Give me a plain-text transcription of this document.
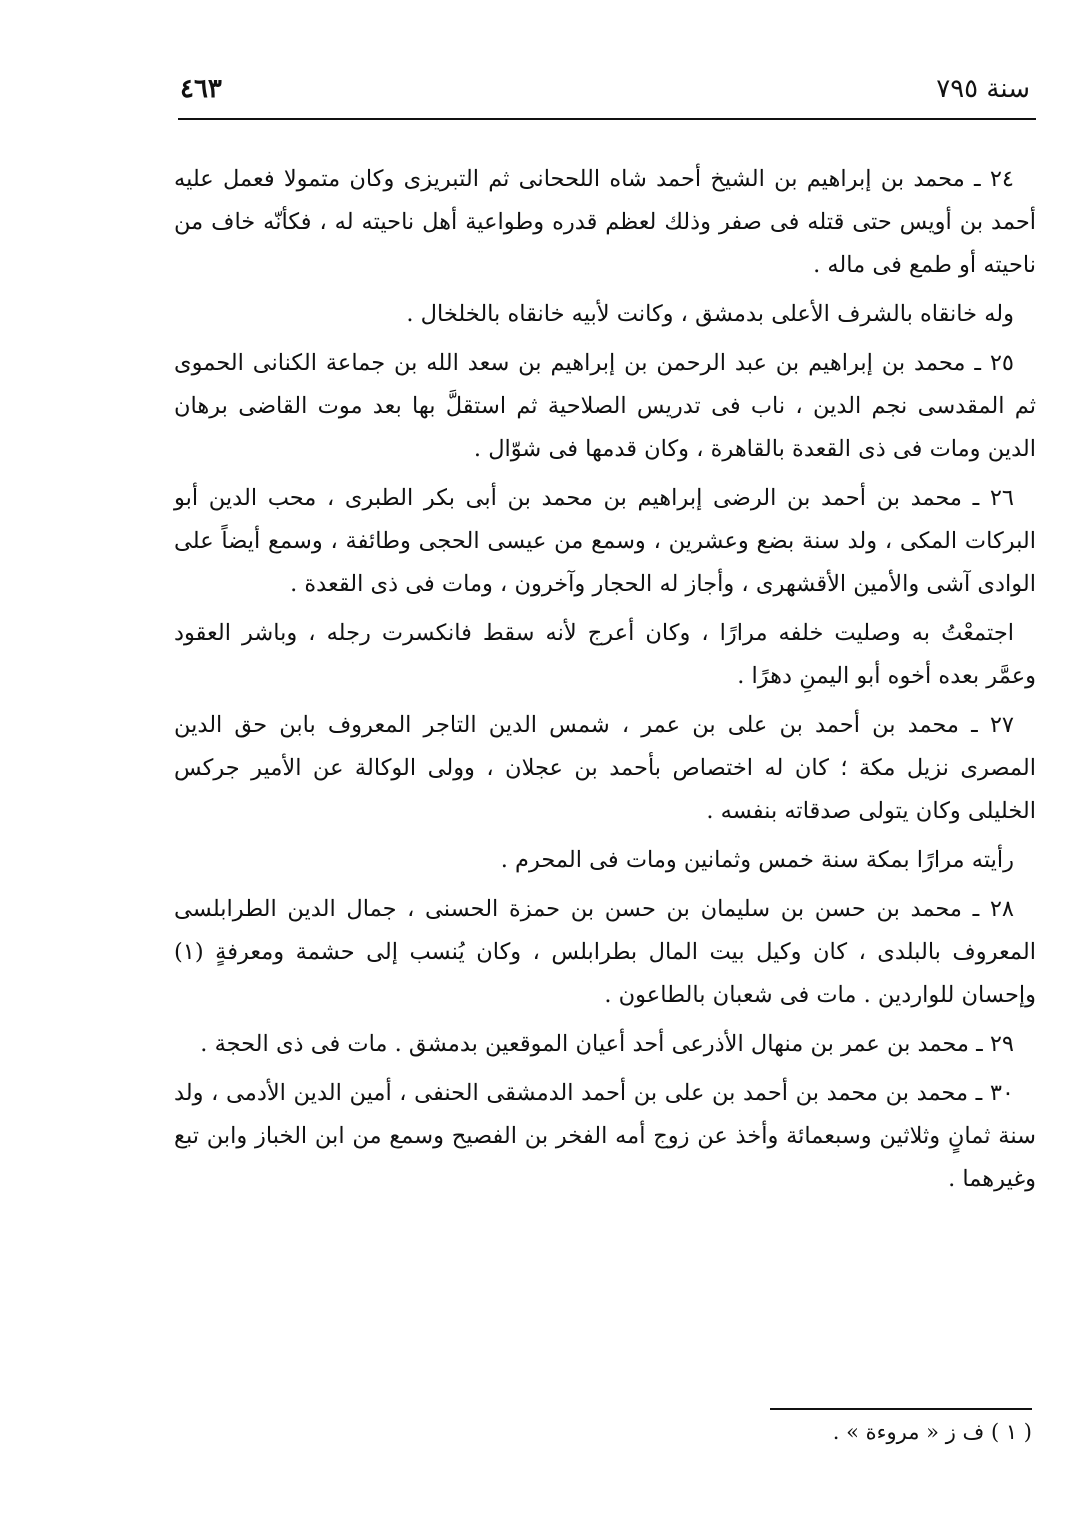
٤٦٣	سنة ٧٩٥

٢٤ ـ محمد بن إبراهيم بن الشيخ أحمد شاه اللححانى ثم التبريزى وكان متمولا فعمل عليه أحمد بن أويس حتى قتله فى صفر وذلك لعظم قدره وطواعية أهل ناحيته له ، فكأنّه خاف من ناحيته أو طمع فى ماله .

وله خانقاه بالشرف الأعلى بدمشق ، وكانت لأبيه خانقاه بالخلخال .

٢٥ ـ محمد بن إبراهيم بن عبد الرحمن بن إبراهيم بن سعد الله بن جماعة الكنانى الحموى ثم المقدسى نجم الدين ، ناب فى تدريس الصلاحية ثم استقلَّ بها بعد موت القاضى برهان الدين ومات فى ذى القعدة بالقاهرة ، وكان قدمها فى شوّال .

٢٦ ـ محمد بن أحمد بن الرضى إبراهيم بن محمد بن أبى بكر الطبرى ، محب الدين أبو البركات المكى ، ولد سنة بضع وعشرين ، وسمع من عيسى الحجى وطائفة ، وسمع أيضاً على الوادى آشى والأمين الأقشهرى ، وأجاز له الحجار وآخرون ، ومات فى ذى القعدة .

اجتمعْتُ به وصليت خلفه مرارًا ، وكان أعرج لأنه سقط فانكسرت رجله ، وباشر العقود وعمَّر بعده أخوه أبو اليمنِ دهرًا .

٢٧ ـ محمد بن أحمد بن على بن عمر ، شمس الدين التاجر المعروف بابن حق الدين المصرى نزيل مكة ؛ كان له اختصاص بأحمد بن عجلان ، وولى الوكالة عن الأمير جركس الخليلى وكان يتولى صدقاته بنفسه .

رأيته مرارًا بمكة سنة خمس وثمانين ومات فى المحرم .

٢٨ ـ محمد بن حسن بن سليمان بن حسن بن حمزة الحسنى ، جمال الدين الطرابلسى المعروف بالبلدى ، كان وكيل بيت المال بطرابلس ، وكان يُنسب إلى حشمة ومعرفةٍ (١) وإحسان للواردين . مات فى شعبان بالطاعون .

٢٩ ـ محمد بن عمر بن منهال الأذرعى أحد أعيان الموقعين بدمشق . مات فى ذى الحجة .

٣٠ ـ محمد بن محمد بن أحمد بن على بن أحمد الدمشقى الحنفى ، أمين الدين الأدمى ، ولد سنة ثمانٍ وثلاثين وسبعمائة وأخذ عن زوج أمه الفخر بن الفصيح وسمع من ابن الخباز وابن تبع وغيرهما .

( ١ ) ف ز « مروءة » .
